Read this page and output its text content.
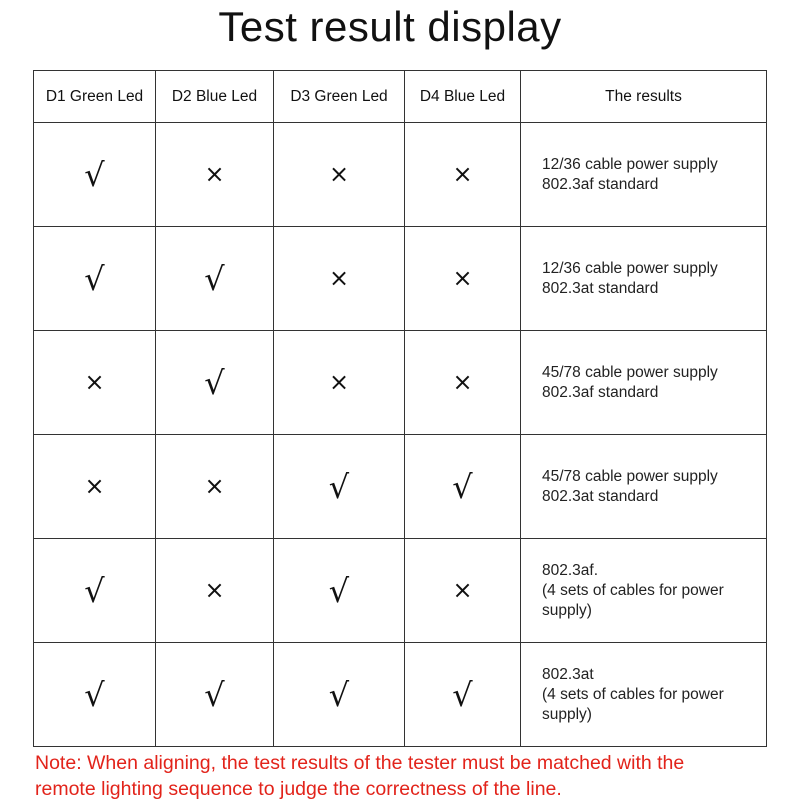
Test result display
D1 Green Led	D2 Blue Led	D3 Green Led	D4 Blue Led	The results
√	×	×	×	12/36 cable power supply
802.3af standard

√	√	×	×	12/36 cable power supply
802.3at standard

×	√	×	×	45/78 cable power supply
802.3af standard

×	×	√	√	45/78 cable power supply
802.3at standard

√	×	√	×	802.3af.
(4 sets of cables for power
supply)

√	√	√	√	802.3at
(4 sets of cables for power
supply)
Note: When aligning, the test results of the tester must be matched with the
remote lighting sequence to judge the correctness of the line.
